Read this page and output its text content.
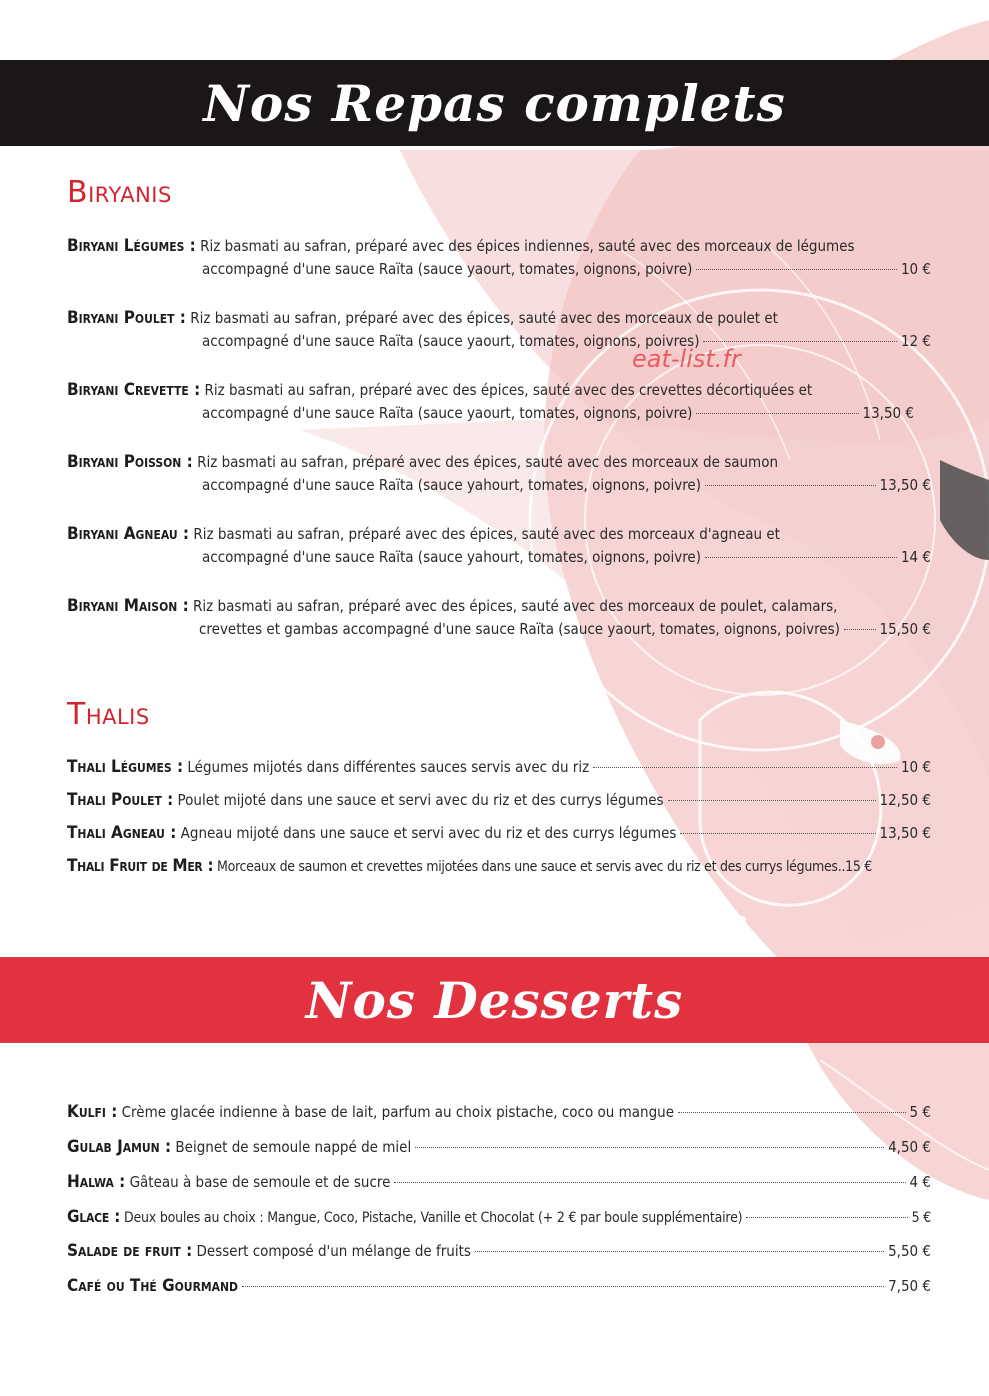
Nos Repas complets
Biryanis
Biryani Légumes : Riz basmati au safran, préparé avec des épices indiennes, sauté avec des morceaux de légumes
accompagné d'une sauce Raïta (sauce yaourt, tomates, oignons, poivre)	10 €
Biryani Poulet : Riz basmati au safran, préparé avec des épices, sauté avec des morceaux de poulet et
accompagné d'une sauce Raïta (sauce yaourt, tomates, oignons, poivres)	12 €
Biryani Crevette : Riz basmati au safran, préparé avec des épices, sauté avec des crevettes décortiquées et
accompagné d'une sauce Raïta (sauce yaourt, tomates, oignons, poivre)	13,50 €
Biryani Poisson : Riz basmati au safran, préparé avec des épices, sauté avec des morceaux de saumon
accompagné d'une sauce Raïta (sauce yahourt, tomates, oignons, poivre)	13,50 €
Biryani Agneau : Riz basmati au safran, préparé avec des épices, sauté avec des morceaux d'agneau et
accompagné d'une sauce Raïta (sauce yahourt, tomates, oignons, poivre)	14 €
Biryani Maison : Riz basmati au safran, préparé avec des épices, sauté avec des morceaux de poulet, calamars,
crevettes et gambas accompagné d'une sauce Raïta (sauce yaourt, tomates, oignons, poivres)	15,50 €
Thalis
Thali Légumes :
Légumes mijotés dans différentes sauces servis avec du riz	10 €
Thali Poulet :
Poulet mijoté dans une sauce et servi avec du riz et des currys légumes	12,50 €
Thali Agneau :
Agneau mijoté dans une sauce et servi avec du riz et des currys légumes	13,50 €
Thali Fruit de Mer :
Morceaux de saumon et crevettes mijotées dans une sauce et servis avec du riz et des currys légumes.. 15 €
Nos Desserts
Kulfi :
Crème glacée indienne à base de lait, parfum au choix pistache, coco ou mangue	5 €
Gulab Jamun :
Beignet de semoule nappé de miel	4,50 €
Halwa :
Gâteau à base de semoule et de sucre	4 €
Glace :
Deux boules au choix : Mangue, Coco, Pistache, Vanille et Chocolat (+ 2 € par boule supplémentaire)	5 €
Salade de fruit :
Dessert composé d'un mélange de fruits	5,50 €
Café ou Thé Gourmand	7,50 €
eat-list.fr
